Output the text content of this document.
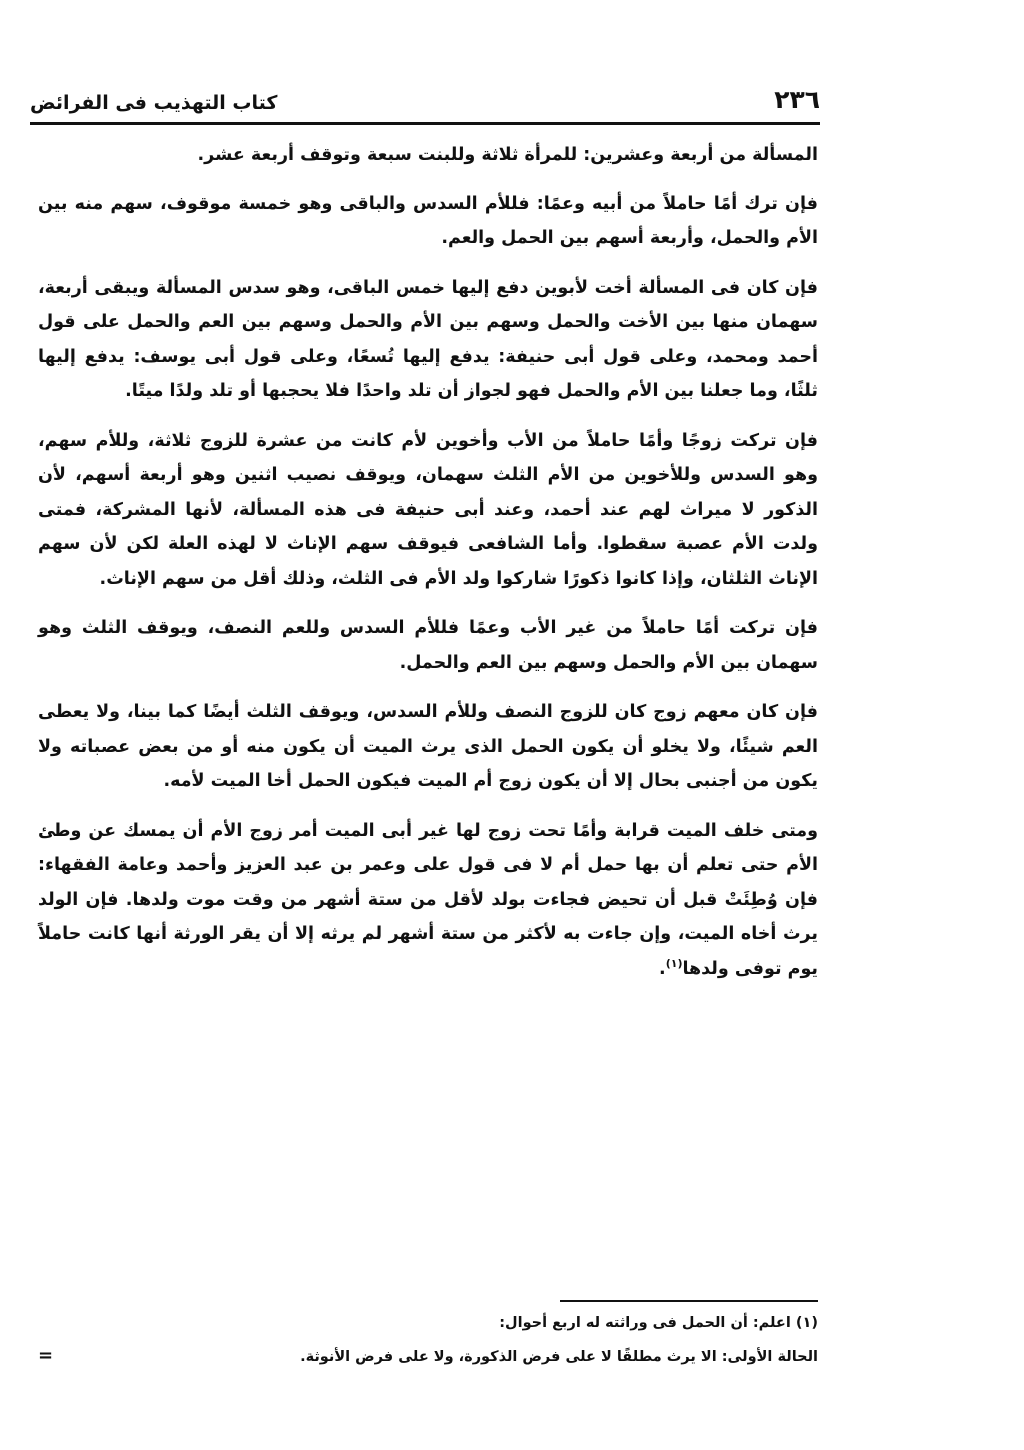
كتاب التهذيب فى الفرائض	٢٣٦

المسألة من أربعة وعشرين: للمرأة ثلاثة وللبنت سبعة وتوقف أربعة عشر.

فإن ترك أمًا حاملاً من أبيه وعمًا: فللأم السدس والباقى وهو خمسة موقوف، سهم منه بين الأم والحمل، وأربعة أسهم بين الحمل والعم.

فإن كان فى المسألة أخت لأبوين دفع إليها خمس الباقى، وهو سدس المسألة ويبقى أربعة، سهمان منها بين الأخت والحمل وسهم بين الأم والحمل وسهم بين العم والحمل على قول أحمد ومحمد، وعلى قول أبى حنيفة: يدفع إليها تُسعًا، وعلى قول أبى يوسف: يدفع إليها ثلثًا، وما جعلنا بين الأم والحمل فهو لجواز أن تلد واحدًا فلا يحجبها أو تلد ولدًا ميتًا.

فإن تركت زوجًا وأمًا حاملاً من الأب وأخوين لأم كانت من عشرة للزوج ثلاثة، وللأم سهم، وهو السدس وللأخوين من الأم الثلث سهمان، ويوقف نصيب اثنين وهو أربعة أسهم، لأن الذكور لا ميراث لهم عند أحمد، وعند أبى حنيفة فى هذه المسألة، لأنها المشركة، فمتى ولدت الأم عصبة سقطوا. وأما الشافعى فيوقف سهم الإناث لا لهذه العلة لكن لأن سهم الإناث الثلثان، وإذا كانوا ذكورًا شاركوا ولد الأم فى الثلث، وذلك أقل من سهم الإناث.

فإن تركت أمًا حاملاً من غير الأب وعمًا فللأم السدس وللعم النصف، ويوقف الثلث وهو سهمان بين الأم والحمل وسهم بين العم والحمل.

فإن كان معهم زوج كان للزوج النصف وللأم السدس، ويوقف الثلث أيضًا كما بينا، ولا يعطى العم شيئًا، ولا يخلو أن يكون الحمل الذى يرث الميت أن يكون منه أو من بعض عصباته ولا يكون من أجنبى بحال إلا أن يكون زوج أم الميت فيكون الحمل أخا الميت لأمه.

ومتى خلف الميت قرابة وأمًا تحت زوج لها غير أبى الميت أمر زوج الأم أن يمسك عن وطئ الأم حتى تعلم أن بها حمل أم لا فى قول على وعمر بن عبد العزيز وأحمد وعامة الفقهاء: فإن وُطِئَتْ قبل أن تحيض فجاءت بولد لأقل من ستة أشهر من وقت موت ولدها. فإن الولد يرث أخاه الميت، وإن جاءت به لأكثر من ستة أشهر لم يرثه إلا أن يقر الورثة أنها كانت حاملاً يوم توفى ولدها$^{(١)}$.

(١) اعلم: أن الحمل فى وراثته له اربع أحوال:
الحالة الأولى: الا يرث مطلقًا لا على فرض الذكورة، ولا على فرض الأنوثة.
=
